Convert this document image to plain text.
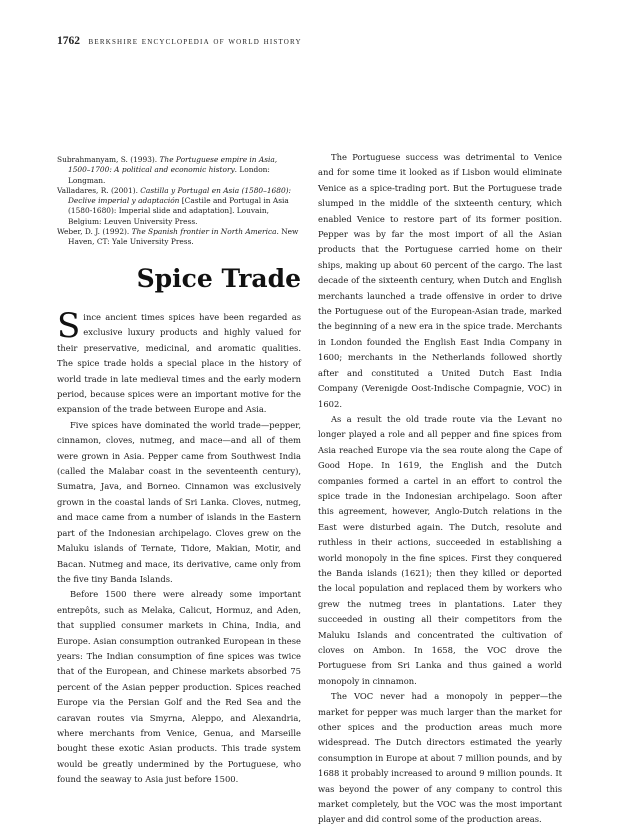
1762 berkshire encyclopedia of world history

Subrahmanyam, S. (1993). The Portuguese empire in Asia, 1500–1700: A political and economic history. London: Longman.

Valladares, R. (2001). Castilla y Portugal en Asia (1580–1680): Declive imperial y adaptación [Castile and Portugal in Asia (1580-1680): Imperial slide and adaptation]. Louvain, Belgium: Leuven University Press.

Weber, D. J. (1992). The Spanish frontier in North America. New Haven, CT: Yale University Press.

Spice Trade

Since ancient times spices have been regarded as exclusive luxury products and highly valued for their preservative, medicinal, and aromatic qualities. The spice trade holds a special place in the history of world trade in late medieval times and the early modern period, because spices were an important motive for the expansion of the trade between Europe and Asia.

Five spices have dominated the world trade—pepper, cinnamon, cloves, nutmeg, and mace—and all of them were grown in Asia. Pepper came from Southwest India (called the Malabar coast in the seventeenth century), Sumatra, Java, and Borneo. Cinnamon was exclusively grown in the coastal lands of Sri Lanka. Cloves, nutmeg, and mace came from a number of islands in the Eastern part of the Indonesian archipelago. Cloves grew on the Maluku islands of Ternate, Tidore, Makian, Motir, and Bacan. Nutmeg and mace, its derivative, came only from the five tiny Banda Islands.

Before 1500 there were already some important entrepôts, such as Melaka, Calicut, Hormuz, and Aden, that supplied consumer markets in China, India, and Europe. Asian consumption outranked European in these years: The Indian consumption of fine spices was twice that of the European, and Chinese markets absorbed 75 percent of the Asian pepper production. Spices reached Europe via the Persian Golf and the Red Sea and the caravan routes via Smyrna, Aleppo, and Alexandria, where merchants from Venice, Genua, and Marseille bought these exotic Asian products. This trade system would be greatly undermined by the Portuguese, who found the seaway to Asia just before 1500.

The Portuguese success was detrimental to Venice and for some time it looked as if Lisbon would eliminate Venice as a spice-trading port. But the Portuguese trade slumped in the middle of the sixteenth century, which enabled Venice to restore part of its former position. Pepper was by far the most import of all the Asian products that the Portuguese carried home on their ships, making up about 60 percent of the cargo. The last decade of the sixteenth century, when Dutch and English merchants launched a trade offensive in order to drive the Portuguese out of the European-Asian trade, marked the beginning of a new era in the spice trade. Merchants in London founded the English East India Company in 1600; merchants in the Netherlands followed shortly after and constituted a United Dutch East India Company (Verenigde Oost-Indische Compagnie, VOC) in 1602.

As a result the old trade route via the Levant no longer played a role and all pepper and fine spices from Asia reached Europe via the sea route along the Cape of Good Hope. In 1619, the English and the Dutch companies formed a cartel in an effort to control the spice trade in the Indonesian archipelago. Soon after this agreement, however, Anglo-Dutch relations in the East were disturbed again. The Dutch, resolute and ruthless in their actions, succeeded in establishing a world monopoly in the fine spices. First they conquered the Banda islands (1621); then they killed or deported the local population and replaced them by workers who grew the nutmeg trees in plantations. Later they succeeded in ousting all their competitors from the Maluku Islands and concentrated the cultivation of cloves on Ambon. In 1658, the VOC drove the Portuguese from Sri Lanka and thus gained a world monopoly in cinnamon.

The VOC never had a monopoly in pepper—the market for pepper was much larger than the market for other spices and the production areas much more widespread. The Dutch directors estimated the yearly consumption in Europe at about 7 million pounds, and by 1688 it probably increased to around 9 million pounds. It was beyond the power of any company to control this market completely, but the VOC was the most important player and did control some of the production areas.
